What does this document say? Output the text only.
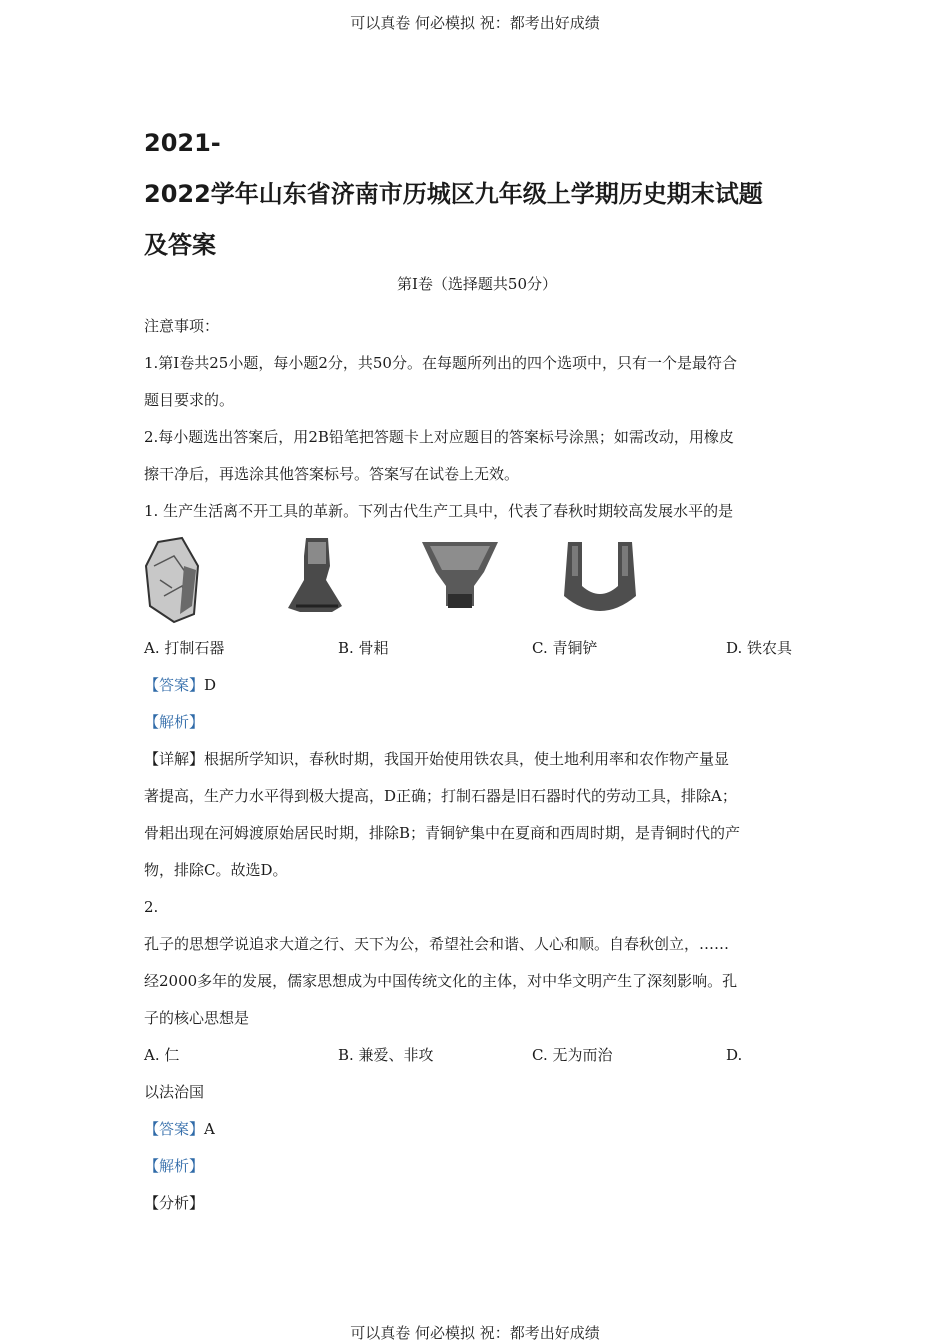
可以真卷 何必模拟 祝：都考出好成绩
2021-
2022学年山东省济南市历城区九年级上学期历史期末试题
及答案
第Ⅰ卷（选择题共50分）

注意事项：

1.第Ⅰ卷共25小题，每小题2分，共50分。在每题所列出的四个选项中，只有一个是最符合

题目要求的。

2.每小题选出答案后，用2B铅笔把答题卡上对应题目的答案标号涂黑；如需改动，用橡皮

擦干净后，再选涂其他答案标号。答案写在试卷上无效。

1. 生产生活离不开工具的革新。下列古代生产工具中，代表了春秋时期较高发展水平的是

A. 打制石器	B. 骨耜	C. 青铜铲	D. 铁农具

【答案】D

【解析】

【详解】根据所学知识，春秋时期，我国开始使用铁农具，使土地利用率和农作物产量显

著提高，生产力水平得到极大提高，D正确；打制石器是旧石器时代的劳动工具，排除A；

骨耜出现在河姆渡原始居民时期，排除B；青铜铲集中在夏商和西周时期，是青铜时代的产

物，排除C。故选D。

2.

孔子的思想学说追求大道之行、天下为公，希望社会和谐、人心和顺。自春秋创立，……

经2000多年的发展，儒家思想成为中国传统文化的主体，对中华文明产生了深刻影响。孔

子的核心思想是

A. 仁	B. 兼爱、非攻	C. 无为而治	D.

以法治国

【答案】A

【解析】

【分析】

可以真卷 何必模拟 祝：都考出好成绩
